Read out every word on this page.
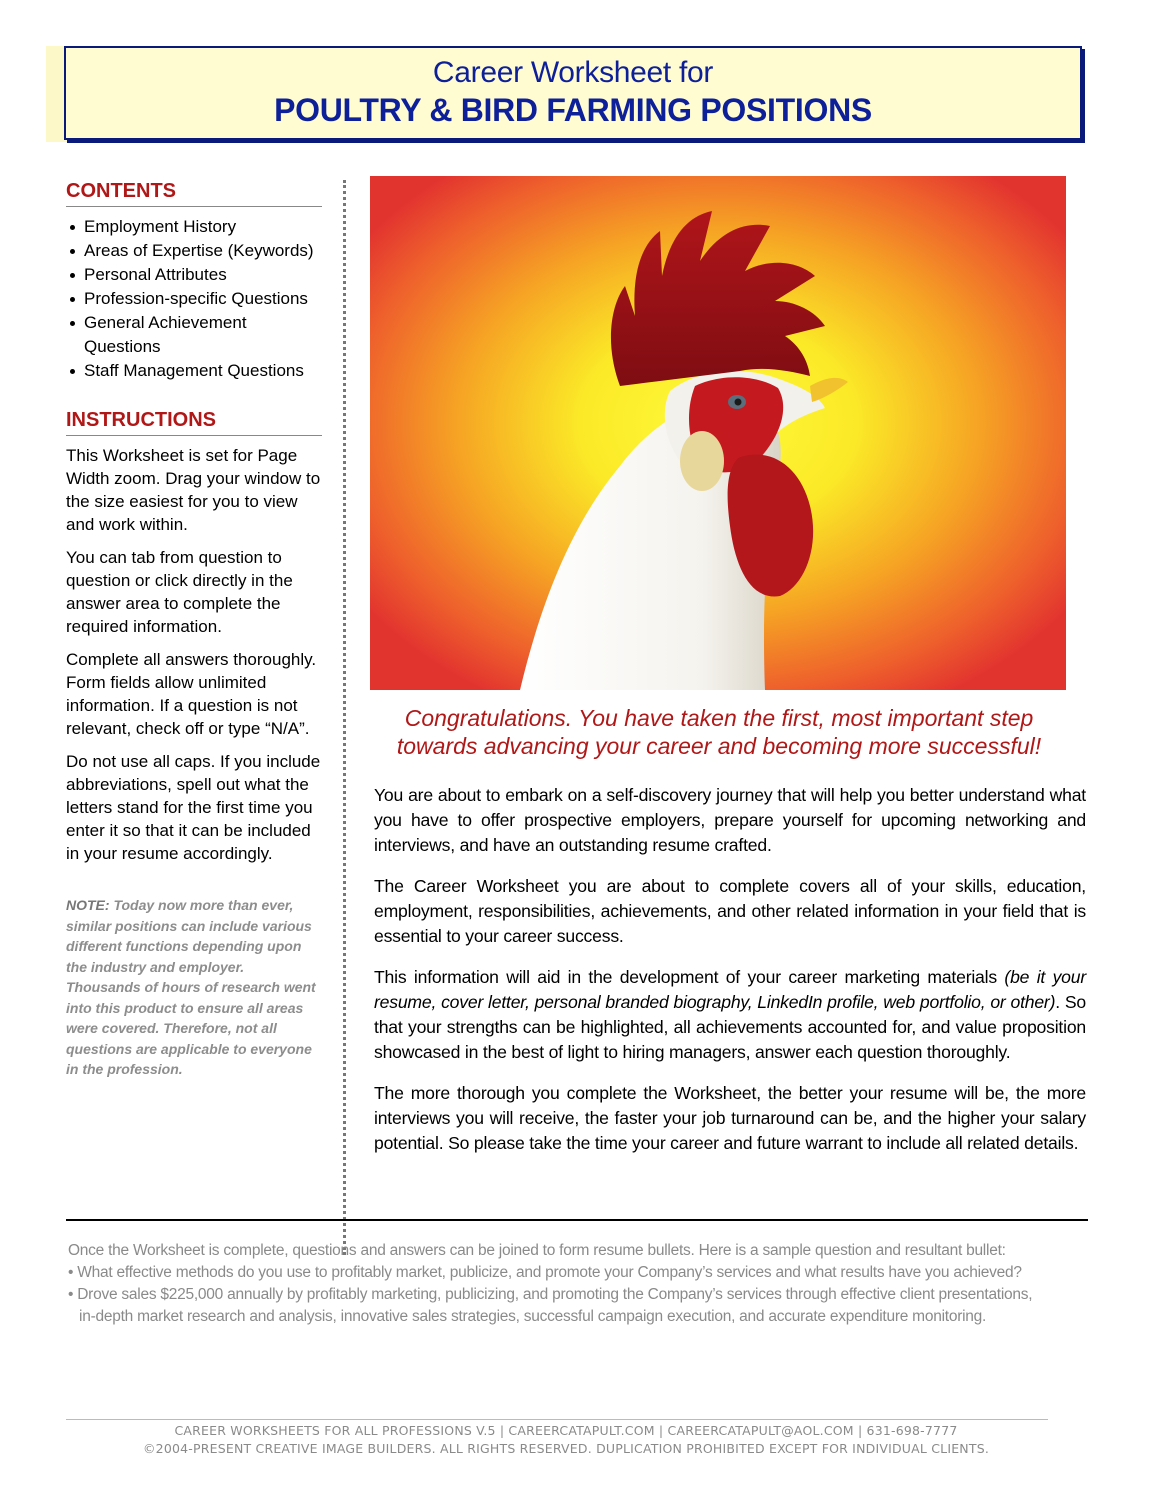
Career Worksheet for
POULTRY & BIRD FARMING POSITIONS
CONTENTS
Employment History
Areas of Expertise (Keywords)
Personal Attributes
Profession-specific Questions
General Achievement Questions
Staff Management Questions
INSTRUCTIONS

This Worksheet is set for Page Width zoom. Drag your window to the size easiest for you to view and work within.

You can tab from question to question or click directly in the answer area to complete the required information.

Complete all answers thoroughly. Form fields allow unlimited information. If a question is not relevant, check off or type “N/A”.

Do not use all caps. If you include abbreviations, spell out what the letters stand for the first time you enter it so that it can be included in your resume accordingly.

NOTE: Today now more than ever, similar positions can include various different functions depending upon the industry and employer. Thousands of hours of research went into this product to ensure all areas were covered. Therefore, not all questions are applicable to everyone in the profession.
Congratulations. You have taken the first, most important step
towards advancing your career and becoming more successful!

You are about to embark on a self-discovery journey that will help you better understand what you have to offer prospective employers, prepare yourself for upcoming networking and interviews, and have an outstanding resume crafted.

The Career Worksheet you are about to complete covers all of your skills, education, employment, responsibilities, achievements, and other related information in your field that is essential to your career success.

This information will aid in the development of your career marketing materials (be it your resume, cover letter, personal branded biography, LinkedIn profile, web portfolio, or other). So that your strengths can be highlighted, all achievements accounted for, and value proposition showcased in the best of light to hiring managers, answer each question thoroughly.

The more thorough you complete the Worksheet, the better your resume will be, the more interviews you will receive, the faster your job turnaround can be, and the higher your salary potential. So please take the time your career and future warrant to include all related details.

Once the Worksheet is complete, questions and answers can be joined to form resume bullets. Here is a sample question and resultant bullet:
• What effective methods do you use to profitably market, publicize, and promote your Company’s services and what results have you achieved?
• Drove sales $225,000 annually by profitably marketing, publicizing, and promoting the Company’s services through effective client presentations,
in-depth market research and analysis, innovative sales strategies, successful campaign execution, and accurate expenditure monitoring.
CAREER WORKSHEETS FOR ALL PROFESSIONS V.5 | CAREERCATAPULT.COM | CAREERCATAPULT@AOL.COM | 631-698-7777
©2004-PRESENT CREATIVE IMAGE BUILDERS. ALL RIGHTS RESERVED. DUPLICATION PROHIBITED EXCEPT FOR INDIVIDUAL CLIENTS.
